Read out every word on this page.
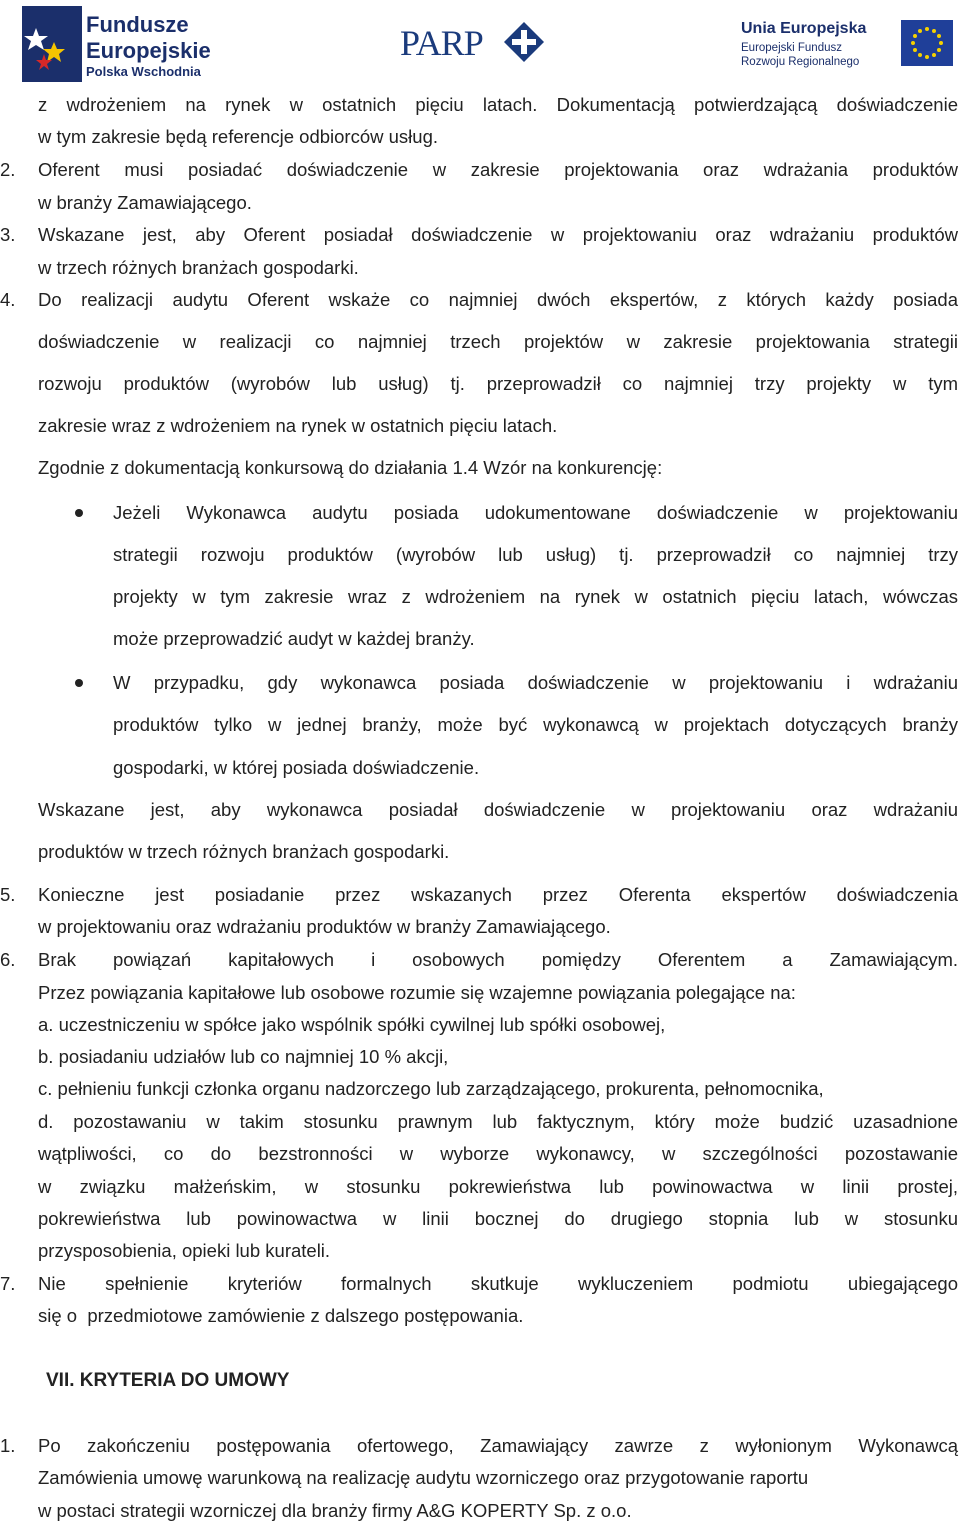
Fundusze
Europejskie
Polska Wschodnia
PARP	Unia Europejska
Europejski Fundusz
Rozwoju Regionalnego
z wdrożeniem na rynek w ostatnich pięciu latach. Dokumentacją potwierdzającą doświadczenie
w tym zakresie będą referencje odbiorców usług.
2.	Oferent musi posiadać doświadczenie w zakresie projektowania oraz wdrażania produktów
w branży Zamawiającego.
3.	Wskazane jest, aby Oferent posiadał doświadczenie w projektowaniu oraz wdrażaniu produktów
w trzech różnych branżach gospodarki.
4.	Do realizacji audytu Oferent wskaże co najmniej dwóch ekspertów, z których każdy posiada
doświadczenie w realizacji co najmniej trzech projektów w zakresie projektowania strategii
rozwoju produktów (wyrobów lub usług) tj. przeprowadził co najmniej trzy projekty w tym
zakresie wraz z wdrożeniem na rynek w ostatnich pięciu latach.
Zgodnie z dokumentacją konkursową do działania 1.4 Wzór na konkurencję:
Jeżeli Wykonawca audytu posiada udokumentowane doświadczenie w projektowaniu
strategii rozwoju produktów (wyrobów lub usług) tj. przeprowadził co najmniej trzy
projekty w tym zakresie wraz z wdrożeniem na rynek w ostatnich pięciu latach, wówczas
może przeprowadzić audyt w każdej branży.
W przypadku, gdy wykonawca posiada doświadczenie w projektowaniu i wdrażaniu
produktów tylko w jednej branży, może być wykonawcą w projektach dotyczących branży
gospodarki, w której posiada doświadczenie.
Wskazane jest, aby wykonawca posiadał doświadczenie w projektowaniu oraz wdrażaniu
produktów w trzech różnych branżach gospodarki.
5.	Konieczne jest posiadanie przez wskazanych przez Oferenta ekspertów doświadczenia
w projektowaniu oraz wdrażaniu produktów w branży Zamawiającego.
6.	Brak powiązań kapitałowych i osobowych pomiędzy Oferentem a Zamawiającym.
Przez powiązania kapitałowe lub osobowe rozumie się wzajemne powiązania polegające na:
a. uczestniczeniu w spółce jako wspólnik spółki cywilnej lub spółki osobowej,
b. posiadaniu udziałów lub co najmniej 10 % akcji,
c. pełnieniu funkcji członka organu nadzorczego lub zarządzającego, prokurenta, pełnomocnika,
d. pozostawaniu w takim stosunku prawnym lub faktycznym, który może budzić uzasadnione
wątpliwości, co do bezstronności w wyborze wykonawcy, w szczególności pozostawanie
w związku małżeńskim, w stosunku pokrewieństwa lub powinowactwa w linii prostej,
pokrewieństwa lub powinowactwa w linii bocznej do drugiego stopnia lub w stosunku
przysposobienia, opieki lub kurateli.
7.	Nie spełnienie kryteriów formalnych skutkuje wykluczeniem podmiotu ubiegającego
się o  przedmiotowe zamówienie z dalszego postępowania.
VII. KRYTERIA DO UMOWY
1.	Po zakończeniu postępowania ofertowego, Zamawiający zawrze z wyłonionym Wykonawcą
Zamówienia umowę warunkową na realizację audytu wzorniczego oraz przygotowanie raportu
w postaci strategii wzorniczej dla branży firmy A&G KOPERTY Sp. z o.o.
